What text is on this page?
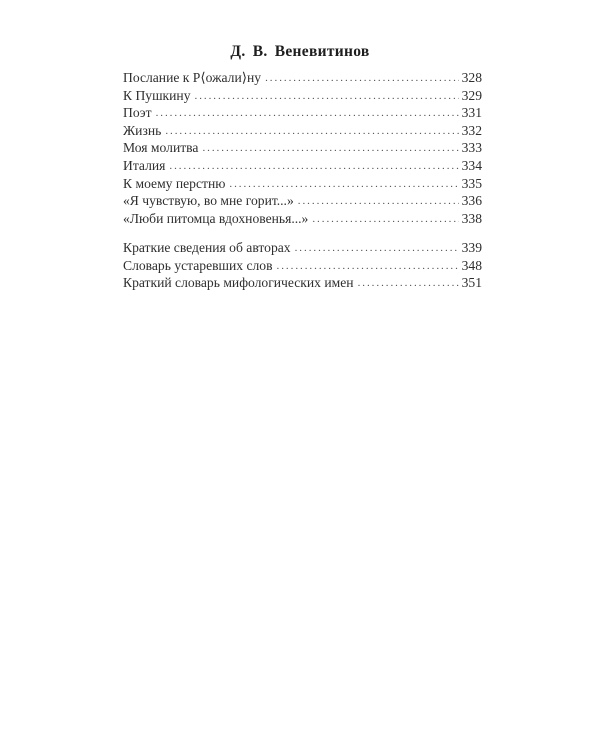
Д. В. Веневитинов
Послание к Р⟨ожали⟩ну . . .	328
К Пушкину . . .	329
Поэт . . .	331
Жизнь . . .	332
Моя молитва . . .	333
Италия . . .	334
К моему перстню . . .	335
«Я чувствую, во мне горит...» . . .	336
«Люби питомца вдохновенья...» . . .	338
Краткие сведения об авторах . . .	339
Словарь устаревших слов . . .	348
Краткий словарь мифологических имен . . .	351
